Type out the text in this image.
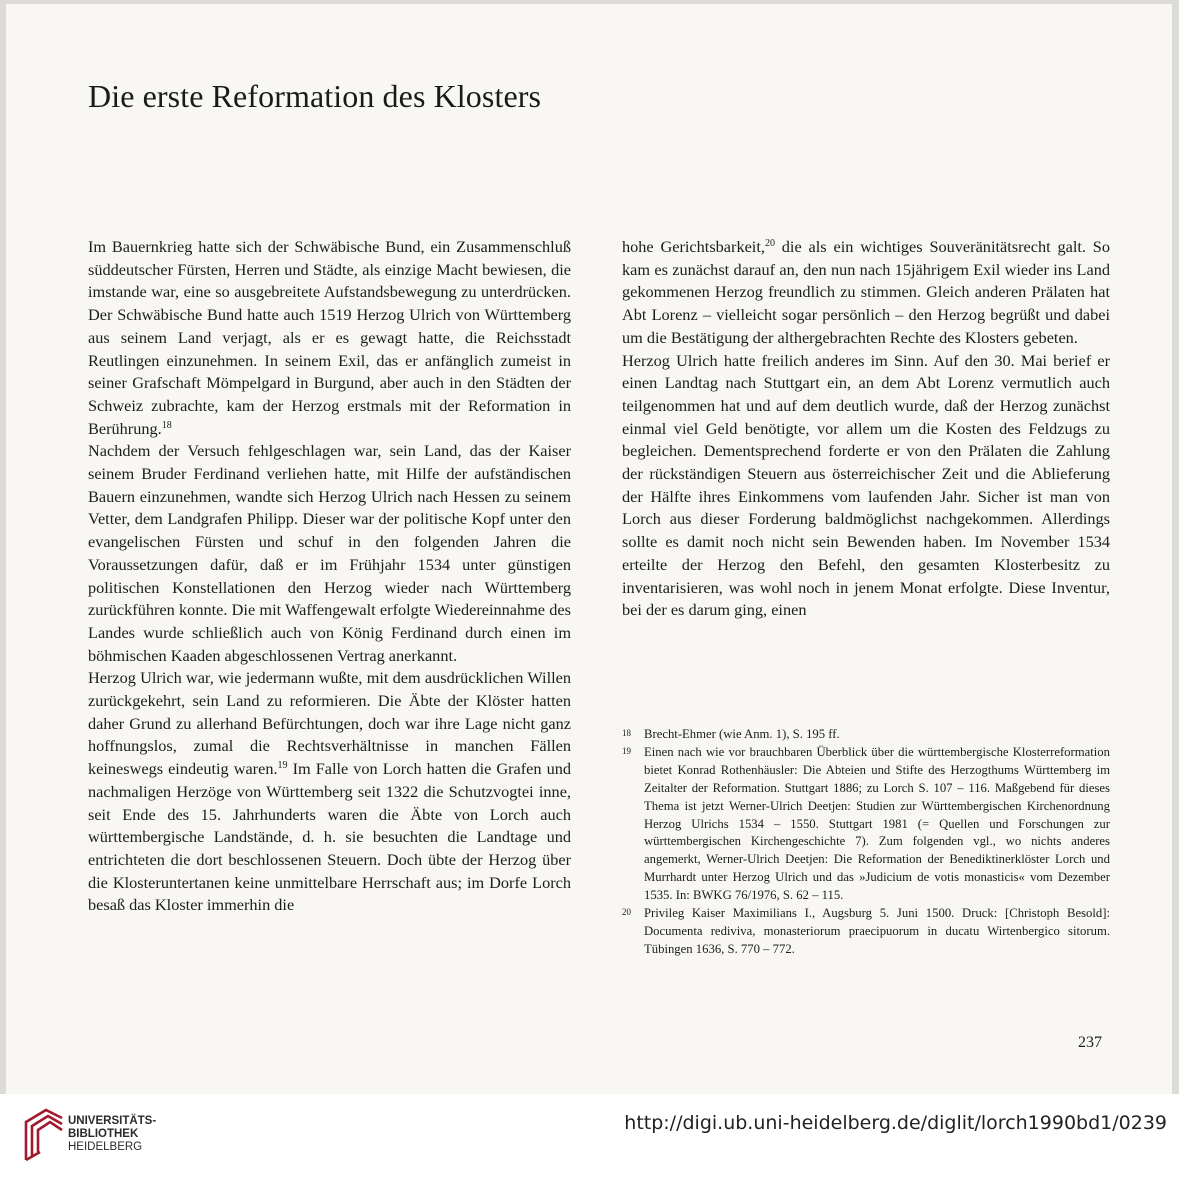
Die erste Reformation des Klosters

Im Bauernkrieg hatte sich der Schwäbische Bund, ein Zusammenschluß süddeutscher Fürsten, Herren und Städte, als einzige Macht bewiesen, die imstande war, eine so ausgebreitete Aufstandsbewegung zu unterdrücken. Der Schwäbische Bund hatte auch 1519 Herzog Ulrich von Württemberg aus seinem Land verjagt, als er es gewagt hatte, die Reichsstadt Reutlingen einzunehmen. In seinem Exil, das er anfänglich zumeist in seiner Grafschaft Mömpelgard in Burgund, aber auch in den Städten der Schweiz zubrachte, kam der Herzog erstmals mit der Reformation in Berührung.$^{18}$

Nachdem der Versuch fehlgeschlagen war, sein Land, das der Kaiser seinem Bruder Ferdinand verliehen hatte, mit Hilfe der aufständischen Bauern einzunehmen, wandte sich Herzog Ulrich nach Hessen zu seinem Vetter, dem Landgrafen Philipp. Dieser war der politische Kopf unter den evangelischen Fürsten und schuf in den folgenden Jahren die Voraussetzungen dafür, daß er im Frühjahr 1534 unter günstigen politischen Konstellationen den Herzog wieder nach Württemberg zurückführen konnte. Die mit Waffengewalt erfolgte Wiedereinnahme des Landes wurde schließlich auch von König Ferdinand durch einen im böhmischen Kaaden abgeschlossenen Vertrag anerkannt.

Herzog Ulrich war, wie jedermann wußte, mit dem ausdrücklichen Willen zurückgekehrt, sein Land zu reformieren. Die Äbte der Klöster hatten daher Grund zu allerhand Befürchtungen, doch war ihre Lage nicht ganz hoffnungslos, zumal die Rechtsverhältnisse in manchen Fällen keineswegs eindeutig waren.$^{19}$ Im Falle von Lorch hatten die Grafen und nachmaligen Herzöge von Württemberg seit 1322 die Schutzvogtei inne, seit Ende des 15. Jahrhunderts waren die Äbte von Lorch auch württembergische Landstände, d. h. sie besuchten die Landtage und entrichteten die dort beschlossenen Steuern. Doch übte der Herzog über die Klosteruntertanen keine unmittelbare Herrschaft aus; im Dorfe Lorch besaß das Kloster immerhin die

hohe Gerichtsbarkeit,$^{20}$ die als ein wichtiges Souveränitätsrecht galt. So kam es zunächst darauf an, den nun nach 15jährigem Exil wieder ins Land gekommenen Herzog freundlich zu stimmen. Gleich anderen Prälaten hat Abt Lorenz – vielleicht sogar persönlich – den Herzog begrüßt und dabei um die Bestätigung der althergebrachten Rechte des Klosters gebeten.

Herzog Ulrich hatte freilich anderes im Sinn. Auf den 30. Mai berief er einen Landtag nach Stuttgart ein, an dem Abt Lorenz vermutlich auch teilgenommen hat und auf dem deutlich wurde, daß der Herzog zunächst einmal viel Geld benötigte, vor allem um die Kosten des Feldzugs zu begleichen. Dementsprechend forderte er von den Prälaten die Zahlung der rückständigen Steuern aus österreichischer Zeit und die Ablieferung der Hälfte ihres Einkommens vom laufenden Jahr. Sicher ist man von Lorch aus dieser Forderung baldmöglichst nachgekommen. Allerdings sollte es damit noch nicht sein Bewenden haben. Im November 1534 erteilte der Herzog den Befehl, den gesamten Klosterbesitz zu inventarisieren, was wohl noch in jenem Monat erfolgte. Diese Inventur, bei der es darum ging, einen

18 Brecht-Ehmer (wie Anm. 1), S. 195 ff.

19 Einen nach wie vor brauchbaren Überblick über die württembergische Klosterreformation bietet Konrad Rothenhäusler: Die Abteien und Stifte des Herzogthums Württemberg im Zeitalter der Reformation. Stuttgart 1886; zu Lorch S. 107 – 116. Maßgebend für dieses Thema ist jetzt Werner-Ulrich Deetjen: Studien zur Württembergischen Kirchenordnung Herzog Ulrichs 1534 – 1550. Stuttgart 1981 (= Quellen und Forschungen zur württembergischen Kirchengeschichte 7). Zum folgenden vgl., wo nichts anderes angemerkt, Werner-Ulrich Deetjen: Die Reformation der Benediktinerklöster Lorch und Murrhardt unter Herzog Ulrich und das »Judicium de votis monasticis« vom Dezember 1535. In: BWKG 76/1976, S. 62 – 115.

20 Privileg Kaiser Maximilians I., Augsburg 5. Juni 1500. Druck: [Christoph Besold]: Documenta rediviva, monasteriorum praecipuorum in ducatu Wirtenbergico sitorum. Tübingen 1636, S. 770 – 772.

237
UNIVERSITÄTS-
BIBLIOTHEK
HEIDELBERG
http://digi.ub.uni-heidelberg.de/diglit/lorch1990bd1/0239
